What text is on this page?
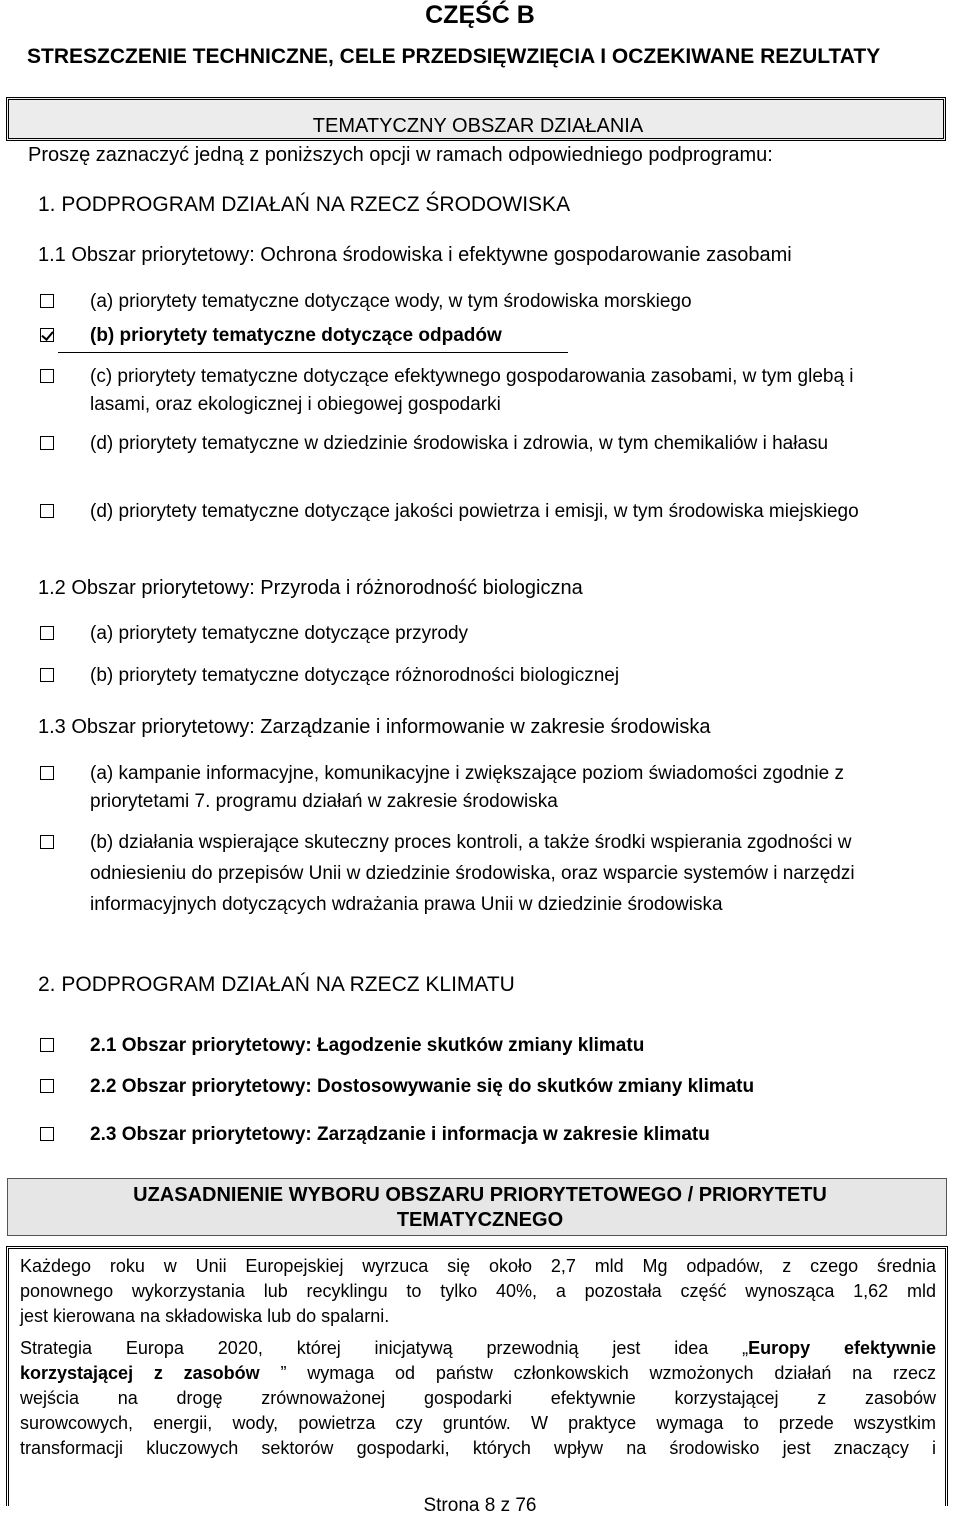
CZĘŚĆ B
STRESZCZENIE TECHNICZNE, CELE PRZEDSIĘWZIĘCIA I OCZEKIWANE REZULTATY
TEMATYCZNY OBSZAR DZIAŁANIA
Proszę zaznaczyć jedną z poniższych opcji w ramach odpowiedniego podprogramu:
1. PODPROGRAM DZIAŁAŃ NA RZECZ ŚRODOWISKA
1.1 Obszar priorytetowy: Ochrona środowiska i efektywne gospodarowanie zasobami
(a) priorytety tematyczne dotyczące wody, w tym środowiska morskiego
(b) priorytety tematyczne dotyczące odpadów
(c) priorytety tematyczne dotyczące efektywnego gospodarowania zasobami, w tym glebą i lasami, oraz ekologicznej i obiegowej gospodarki
(d) priorytety tematyczne w dziedzinie środowiska i zdrowia, w tym chemikaliów i hałasu
(d) priorytety tematyczne dotyczące jakości powietrza i emisji, w tym środowiska miejskiego
1.2 Obszar priorytetowy: Przyroda i różnorodność biologiczna
(a) priorytety tematyczne dotyczące przyrody
(b) priorytety tematyczne dotyczące różnorodności biologicznej
1.3 Obszar priorytetowy: Zarządzanie i informowanie w zakresie środowiska
(a) kampanie informacyjne, komunikacyjne i zwiększające poziom świadomości zgodnie z priorytetami 7. programu działań w zakresie środowiska
(b) działania wspierające skuteczny proces kontroli, a także środki wspierania zgodności w odniesieniu do przepisów Unii w dziedzinie środowiska, oraz wsparcie systemów i narzędzi informacyjnych dotyczących wdrażania prawa Unii w dziedzinie środowiska
2. PODPROGRAM DZIAŁAŃ NA RZECZ KLIMATU
2.1 Obszar priorytetowy: Łagodzenie skutków zmiany klimatu
2.2 Obszar priorytetowy: Dostosowywanie się do skutków zmiany klimatu
2.3 Obszar priorytetowy: Zarządzanie i informacja w zakresie klimatu
UZASADNIENIE WYBORU OBSZARU PRIORYTETOWEGO / PRIORYTETU
TEMATYCZNEGO
Każdego roku w Unii Europejskiej wyrzuca się około 2,7 mld Mg odpadów, z czego średnia
ponownego wykorzystania lub recyklingu to tylko 40%, a pozostała część wynosząca 1,62 mld
jest kierowana na składowiska lub do spalarni.
Strategia Europa 2020, której inicjatywą przewodnią jest idea „Europy efektywnie
korzystającej z zasobów ” wymaga od państw członkowskich wzmożonych działań na rzecz
wejścia na drogę zrównoważonej gospodarki efektywnie korzystającej z zasobów
surowcowych, energii, wody, powietrza czy gruntów. W praktyce wymaga to przede wszystkim
transformacji kluczowych sektorów gospodarki, których wpływ na środowisko jest znaczący i
Strona 8 z 76
